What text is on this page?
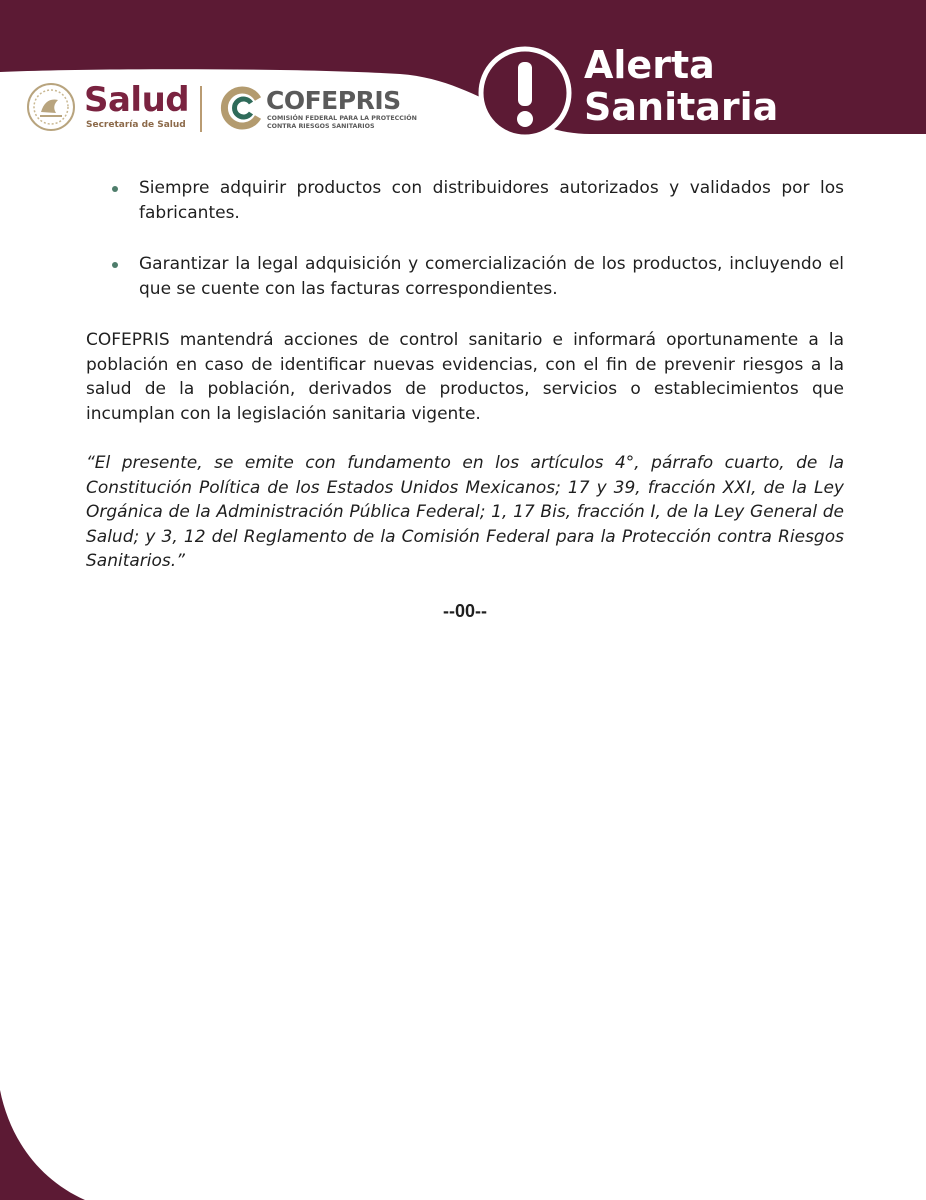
Salud
Secretaría de Salud
COFEPRIS
COMISIÓN FEDERAL PARA LA PROTECCIÓN
CONTRA RIESGOS SANITARIOS
Alerta
Sanitaria
Siempre adquirir productos con distribuidores autorizados y validados por los fabricantes.
Garantizar la legal adquisición y comercialización de los productos, incluyendo el que se cuente con las facturas correspondientes.

COFEPRIS mantendrá acciones de control sanitario e informará oportunamente a la población en caso de identificar nuevas evidencias, con el fin de prevenir riesgos a la salud de la población, derivados de productos, servicios o establecimientos que incumplan con la legislación sanitaria vigente.

“El presente, se emite con fundamento en los artículos 4°, párrafo cuarto, de la Constitución Política de los Estados Unidos Mexicanos; 17 y 39, fracción XXI, de la Ley Orgánica de la Administración Pública Federal; 1, 17 Bis, fracción I, de la Ley General de Salud; y 3, 12 del Reglamento de la Comisión Federal para la Protección contra Riesgos Sanitarios.”

--00--
